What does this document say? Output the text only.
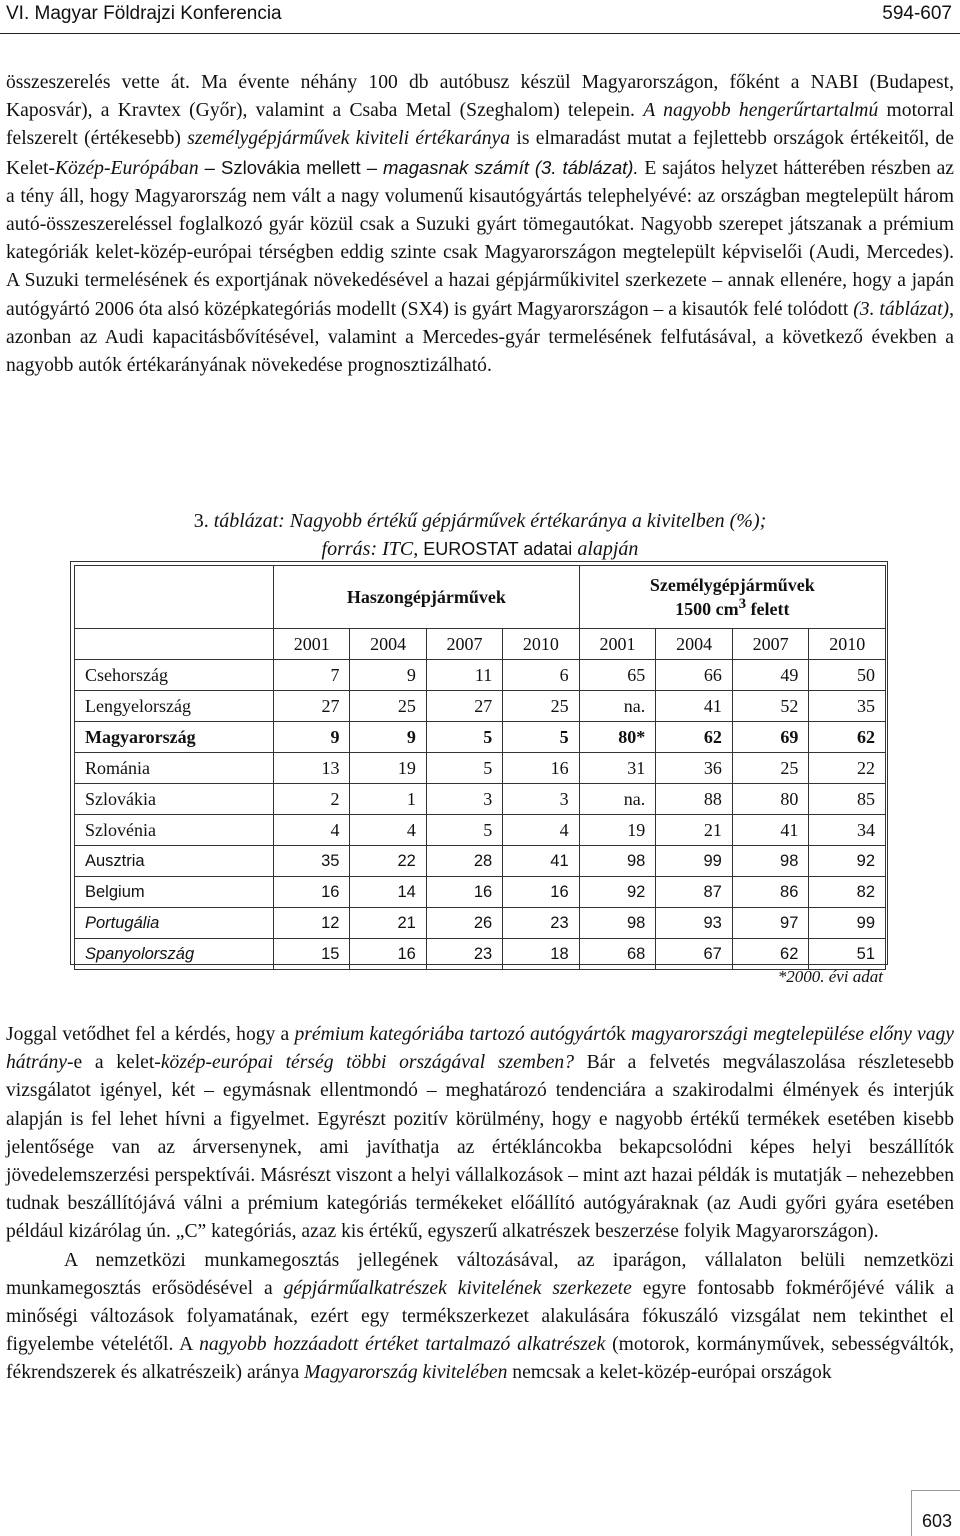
VI. Magyar Földrajzi Konferencia	594-607

összeszerelés vette át. Ma évente néhány 100 db autóbusz készül Magyarországon, főként a NABI (Budapest, Kaposvár), a Kravtex (Győr), valamint a Csaba Metal (Szeghalom) telepein. A nagyobb hengerűrtartalmú motorral felszerelt (értékesebb) személygépjárművek kiviteli értékaránya is elmaradást mutat a fejlettebb országok értékeitől, de Kelet-Közép-Európában – Szlovákia mellett – magasnak számít (3. táblázat). E sajátos helyzet hátterében részben az a tény áll, hogy Magyarország nem vált a nagy volumenű kisautógyártás telephelyévé: az országban megtelepült három autó-összeszereléssel foglalkozó gyár közül csak a Suzuki gyárt tömegautókat. Nagyobb szerepet játszanak a prémium kategóriák kelet-közép-európai térségben eddig szinte csak Magyarországon megtelepült képviselői (Audi, Mercedes). A Suzuki termelésének és exportjának növekedésével a hazai gépjárműkivitel szerkezete – annak ellenére, hogy a japán autógyártó 2006 óta alsó középkategóriás modellt (SX4) is gyárt Magyarországon – a kisautók felé tolódott (3. táblázat), azonban az Audi kapacitásbővítésével, valamint a Mercedes-gyár termelésének felfutásával, a következő években a nagyobb autók értékarányának növekedése prognosztizálható.

3. táblázat: Nagyobb értékű gépjárművek értékaránya a kivitelben (%); forrás: ITC, EUROSTAT adatai alapján
	Haszongépjárművek				Személygépjárművek
1500 $cm^3$ felett			
	2001	2004	2007	2010	2001	2004	2007	2010
Csehország	7	9	11	6	65	66	49	50
Lengyelország	27	25	27	25	na.	41	52	35
Magyarország	9	9	5	5	80*	62	69	62
Románia	13	19	5	16	31	36	25	22
Szlovákia	2	1	3	3	na.	88	80	85
Szlovénia	4	4	5	4	19	21	41	34
Ausztria	35	22	28	41	98	99	98	92
Belgium	16	14	16	16	92	87	86	82
Portugália	12	21	26	23	98	93	97	99
Spanyolország	15	16	23	18	68	67	62	51
*2000. évi adat

Joggal vetődhet fel a kérdés, hogy a prémium kategóriába tartozó autógyártók magyarországi megtelepülése előny vagy hátrány-e a kelet-közép-európai térség többi országával szemben? Bár a felvetés megválaszolása részletesebb vizsgálatot igényel, két – egymásnak ellentmondó – meghatározó tendenciára a szakirodalmi élmények és interjúk alapján is fel lehet hívni a figyelmet. Egyrészt pozitív körülmény, hogy e nagyobb értékű termékek esetében kisebb jelentősége van az árversenynek, ami javíthatja az értékláncokba bekapcsolódni képes helyi beszállítók jövedelemszerzési perspektívái. Másrészt viszont a helyi vállalkozások – mint azt hazai példák is mutatják – nehezebben tudnak beszállítójává válni a prémium kategóriás termékeket előállító autógyáraknak (az Audi győri gyára esetében például kizárólag ún. „C” kategóriás, azaz kis értékű, egyszerű alkatrészek beszerzése folyik Magyarországon).

A nemzetközi munkamegosztás jellegének változásával, az iparágon, vállalaton belüli nemzetközi munkamegosztás erősödésével a gépjárműalkatrészek kivitelének szerkezete egyre fontosabb fokmérőjévé válik a minőségi változások folyamatának, ezért egy termékszerkezet alakulására fókuszáló vizsgálat nem tekinthet el figyelembe vételétől. A nagyobb hozzáadott értéket tartalmazó alkatrészek (motorok, kormányművek, sebességváltók, fékrendszerek és alkatrészeik) aránya Magyarország kivitelében nemcsak a kelet-közép-európai országok

603
